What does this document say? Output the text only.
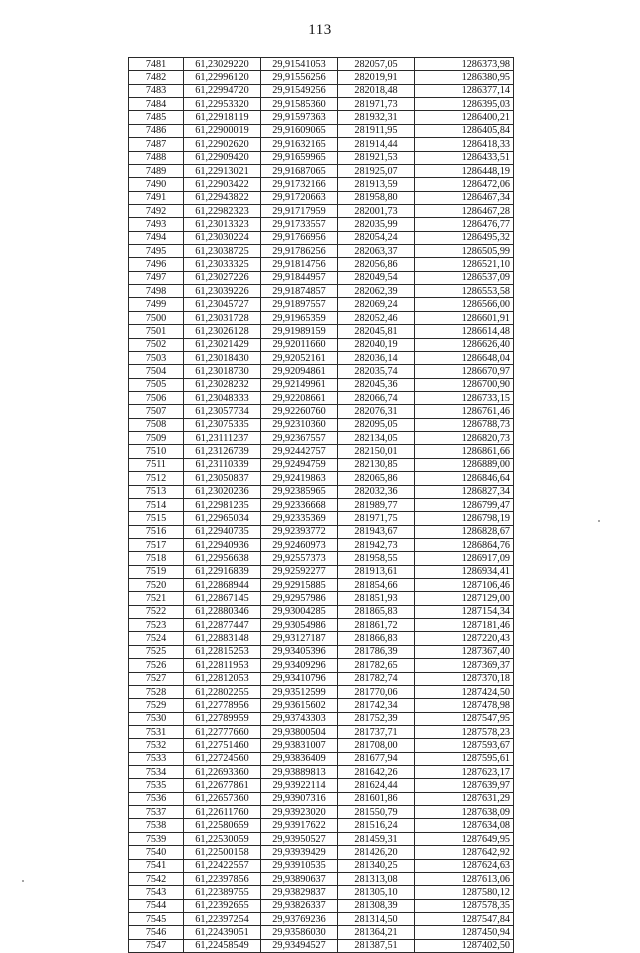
113
7481	61,23029220	29,91541053	282057,05	1286373,98
7482	61,22996120	29,91556256	282019,91	1286380,95
7483	61,22994720	29,91549256	282018,48	1286377,14
7484	61,22953320	29,91585360	281971,73	1286395,03
7485	61,22918119	29,91597363	281932,31	1286400,21
7486	61,22900019	29,91609065	281911,95	1286405,84
7487	61,22902620	29,91632165	281914,44	1286418,33
7488	61,22909420	29,91659965	281921,53	1286433,51
7489	61,22913021	29,91687065	281925,07	1286448,19
7490	61,22903422	29,91732166	281913,59	1286472,06
7491	61,22943822	29,91720663	281958,80	1286467,34
7492	61,22982323	29,91717959	282001,73	1286467,28
7493	61,23013323	29,91733557	282035,99	1286476,77
7494	61,23030224	29,91766956	282054,24	1286495,32
7495	61,23038725	29,91786256	282063,37	1286505,99
7496	61,23033325	29,91814756	282056,86	1286521,10
7497	61,23027226	29,91844957	282049,54	1286537,09
7498	61,23039226	29,91874857	282062,39	1286553,58
7499	61,23045727	29,91897557	282069,24	1286566,00
7500	61,23031728	29,91965359	282052,46	1286601,91
7501	61,23026128	29,91989159	282045,81	1286614,48
7502	61,23021429	29,92011660	282040,19	1286626,40
7503	61,23018430	29,92052161	282036,14	1286648,04
7504	61,23018730	29,92094861	282035,74	1286670,97
7505	61,23028232	29,92149961	282045,36	1286700,90
7506	61,23048333	29,92208661	282066,74	1286733,15
7507	61,23057734	29,92260760	282076,31	1286761,46
7508	61,23075335	29,92310360	282095,05	1286788,73
7509	61,23111237	29,92367557	282134,05	1286820,73
7510	61,23126739	29,92442757	282150,01	1286861,66
7511	61,23110339	29,92494759	282130,85	1286889,00
7512	61,23050837	29,92419863	282065,86	1286846,64
7513	61,23020236	29,92385965	282032,36	1286827,34
7514	61,22981235	29,92336668	281989,77	1286799,47
7515	61,22965034	29,92335369	281971,75	1286798,19
7516	61,22940735	29,92393772	281943,67	1286828,67
7517	61,22940936	29,92460973	281942,73	1286864,76
7518	61,22956638	29,92557373	281958,55	1286917,09
7519	61,22916839	29,92592277	281913,61	1286934,41
7520	61,22868944	29,92915885	281854,66	1287106,46
7521	61,22867145	29,92957986	281851,93	1287129,00
7522	61,22880346	29,93004285	281865,83	1287154,34
7523	61,22877447	29,93054986	281861,72	1287181,46
7524	61,22883148	29,93127187	281866,83	1287220,43
7525	61,22815253	29,93405396	281786,39	1287367,40
7526	61,22811953	29,93409296	281782,65	1287369,37
7527	61,22812053	29,93410796	281782,74	1287370,18
7528	61,22802255	29,93512599	281770,06	1287424,50
7529	61,22778956	29,93615602	281742,34	1287478,98
7530	61,22789959	29,93743303	281752,39	1287547,95
7531	61,22777660	29,93800504	281737,71	1287578,23
7532	61,22751460	29,93831007	281708,00	1287593,67
7533	61,22724560	29,93836409	281677,94	1287595,61
7534	61,22693360	29,93889813	281642,26	1287623,17
7535	61,22677861	29,93922114	281624,44	1287639,97
7536	61,22657360	29,93907316	281601,86	1287631,29
7537	61,22611760	29,93923020	281550,79	1287638,09
7538	61,22580659	29,93917622	281516,24	1287634,08
7539	61,22530059	29,93950527	281459,31	1287649,95
7540	61,22500158	29,93939429	281426,20	1287642,92
7541	61,22422557	29,93910535	281340,25	1287624,63
7542	61,22397856	29,93890637	281313,08	1287613,06
7543	61,22389755	29,93829837	281305,10	1287580,12
7544	61,22392655	29,93826337	281308,39	1287578,35
7545	61,22397254	29,93769236	281314,50	1287547,84
7546	61,22439051	29,93586030	281364,21	1287450,94
7547	61,22458549	29,93494527	281387,51	1287402,50
